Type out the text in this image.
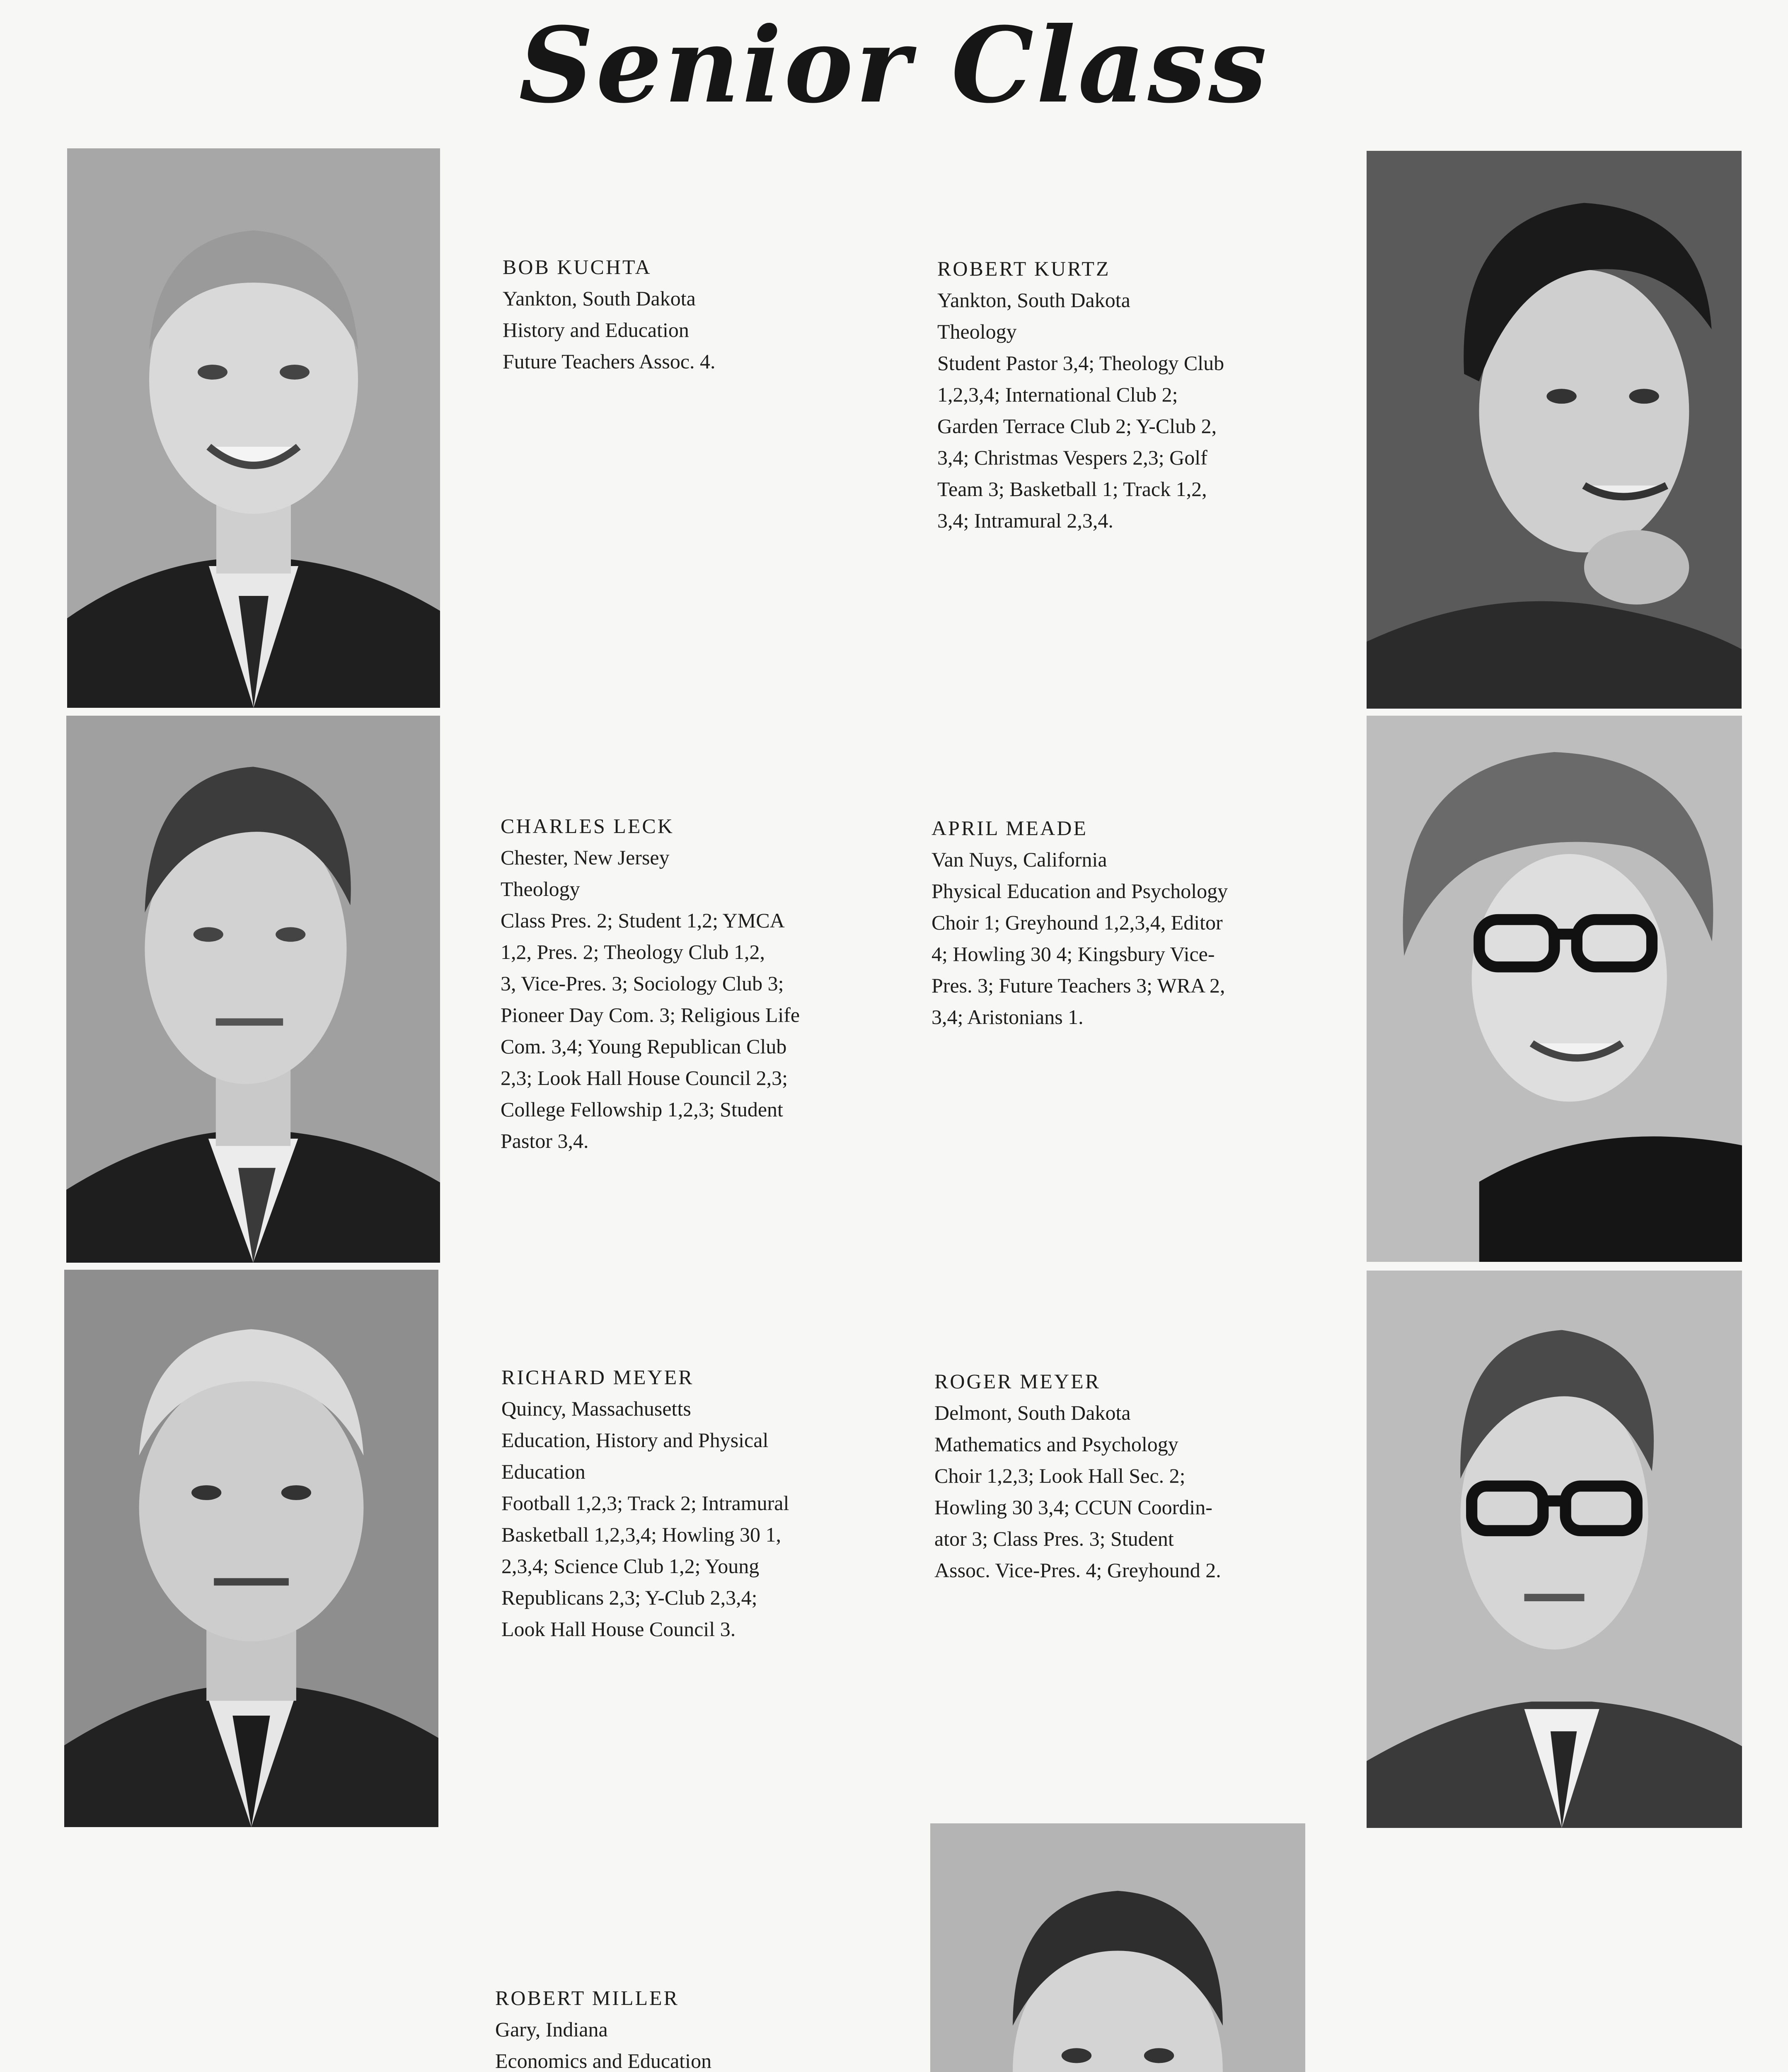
Senior Class
BOB KUCHTA
Yankton, South Dakota
History and Education
Future Teachers Assoc. 4.
ROBERT KURTZ
Yankton, South Dakota
Theology
Student Pastor 3,4; Theology Club
1,2,3,4; International Club 2;
Garden Terrace Club 2; Y-Club 2,
3,4; Christmas Vespers 2,3; Golf
Team 3; Basketball 1; Track 1,2,
3,4; Intramural 2,3,4.
CHARLES LECK
Chester, New Jersey
Theology
Class Pres. 2; Student 1,2; YMCA
1,2, Pres. 2; Theology Club 1,2,
3, Vice-Pres. 3; Sociology Club 3;
Pioneer Day Com. 3; Religious Life
Com. 3,4; Young Republican Club
2,3; Look Hall House Council 2,3;
College Fellowship 1,2,3; Student
Pastor 3,4.
APRIL MEADE
Van Nuys, California
Physical Education and Psychology
Choir 1; Greyhound 1,2,3,4, Editor
4; Howling 30 4; Kingsbury Vice-
Pres. 3; Future Teachers 3; WRA 2,
3,4; Aristonians 1.
RICHARD MEYER
Quincy, Massachusetts
Education, History and Physical
Education
Football 1,2,3; Track 2; Intramural
Basketball 1,2,3,4; Howling 30 1,
2,3,4; Science Club 1,2; Young
Republicans 2,3; Y-Club 2,3,4;
Look Hall House Council 3.
ROGER MEYER
Delmont, South Dakota
Mathematics and Psychology
Choir 1,2,3; Look Hall Sec. 2;
Howling 30 3,4; CCUN Coordin-
ator 3; Class Pres. 3; Student
Assoc. Vice-Pres. 4; Greyhound 2.
ROBERT MILLER
Gary, Indiana
Economics and Education
